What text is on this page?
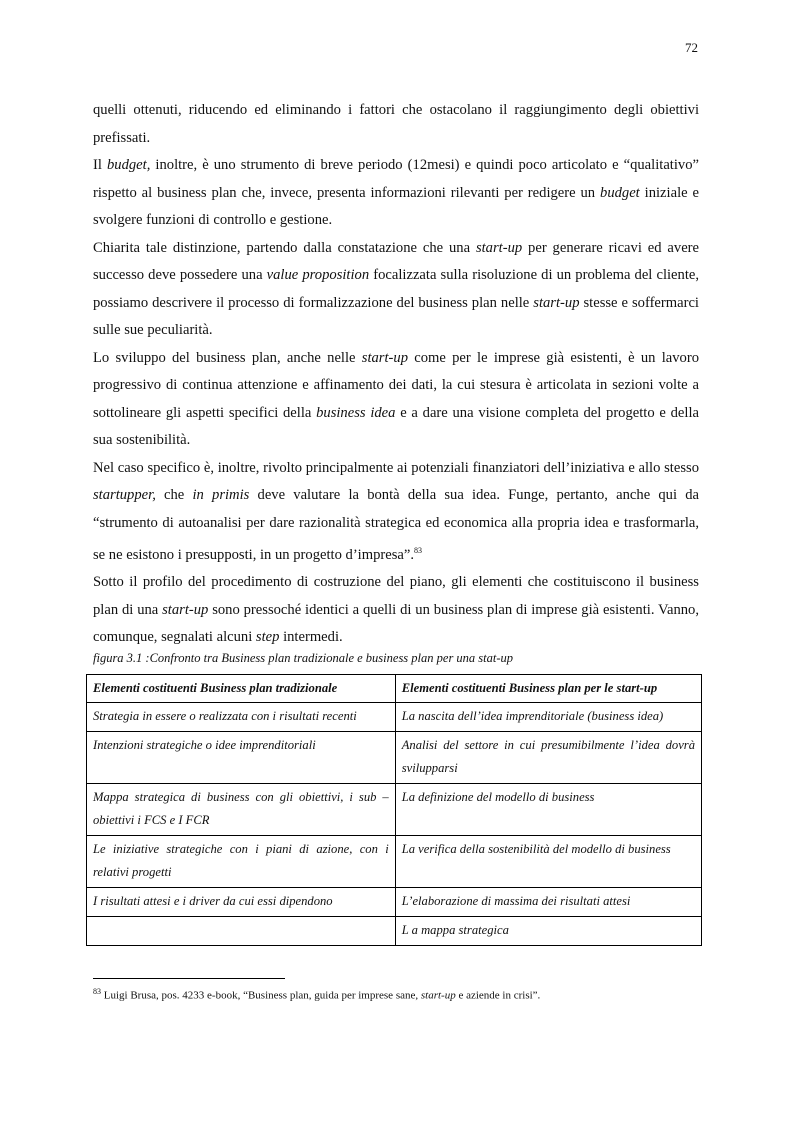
72

quelli ottenuti, riducendo ed eliminando i fattori che ostacolano il raggiungimento degli obiettivi prefissati.

Il budget, inoltre, è uno strumento di breve periodo (12mesi) e quindi poco articolato e “qualitativo” rispetto al business plan che, invece, presenta informazioni rilevanti per redigere un budget iniziale e svolgere funzioni di controllo e gestione.

Chiarita tale distinzione, partendo dalla constatazione che una start-up per generare ricavi ed avere successo deve possedere una value proposition focalizzata sulla risoluzione di un problema del cliente, possiamo descrivere il processo di formalizzazione del business plan nelle start-up stesse e soffermarci sulle sue peculiarità.

Lo sviluppo del business plan, anche nelle start-up come per le imprese già esistenti, è un lavoro progressivo di continua attenzione e affinamento dei dati, la cui stesura è articolata in sezioni volte a sottolineare gli aspetti specifici della business idea e a dare una visione completa del progetto e della sua sostenibilità.

Nel caso specifico è, inoltre, rivolto principalmente ai potenziali finanziatori dell’iniziativa e allo stesso startupper, che in primis deve valutare la bontà della sua idea. Funge, pertanto, anche qui da “strumento di autoanalisi per dare razionalità strategica ed economica alla propria idea e trasformarla, se ne esistono i presupposti, in un progetto d’impresa”.$^{83}$

Sotto il profilo del procedimento di costruzione del piano, gli elementi che costituiscono il business plan di una start-up sono pressoché identici a quelli di un business plan di imprese già esistenti. Vanno, comunque, segnalati alcuni step intermedi.

figura 3.1 :Confronto tra Business plan tradizionale e business plan per una stat-up
Elementi costituenti Business plan tradizionale	Elementi costituenti Business plan per le start-up
Strategia in essere o realizzata con i risultati recenti	La nascita dell’idea imprenditoriale (business idea)
Intenzioni strategiche o idee imprenditoriali	Analisi del settore in cui presumibilmente l’idea dovrà svilupparsi
Mappa strategica di business con gli obiettivi, i sub –obiettivi i FCS e I FCR	La definizione del modello di business
Le iniziative strategiche con i piani di azione, con i relativi progetti	La verifica della sostenibilità del modello di business
I risultati attesi e i driver da cui essi dipendono	L’elaborazione di massima dei risultati attesi
	L a mappa strategica
$^{83}$ Luigi Brusa, pos. 4233 e-book, “Business plan, guida per imprese sane, start-up e aziende in crisi”.
